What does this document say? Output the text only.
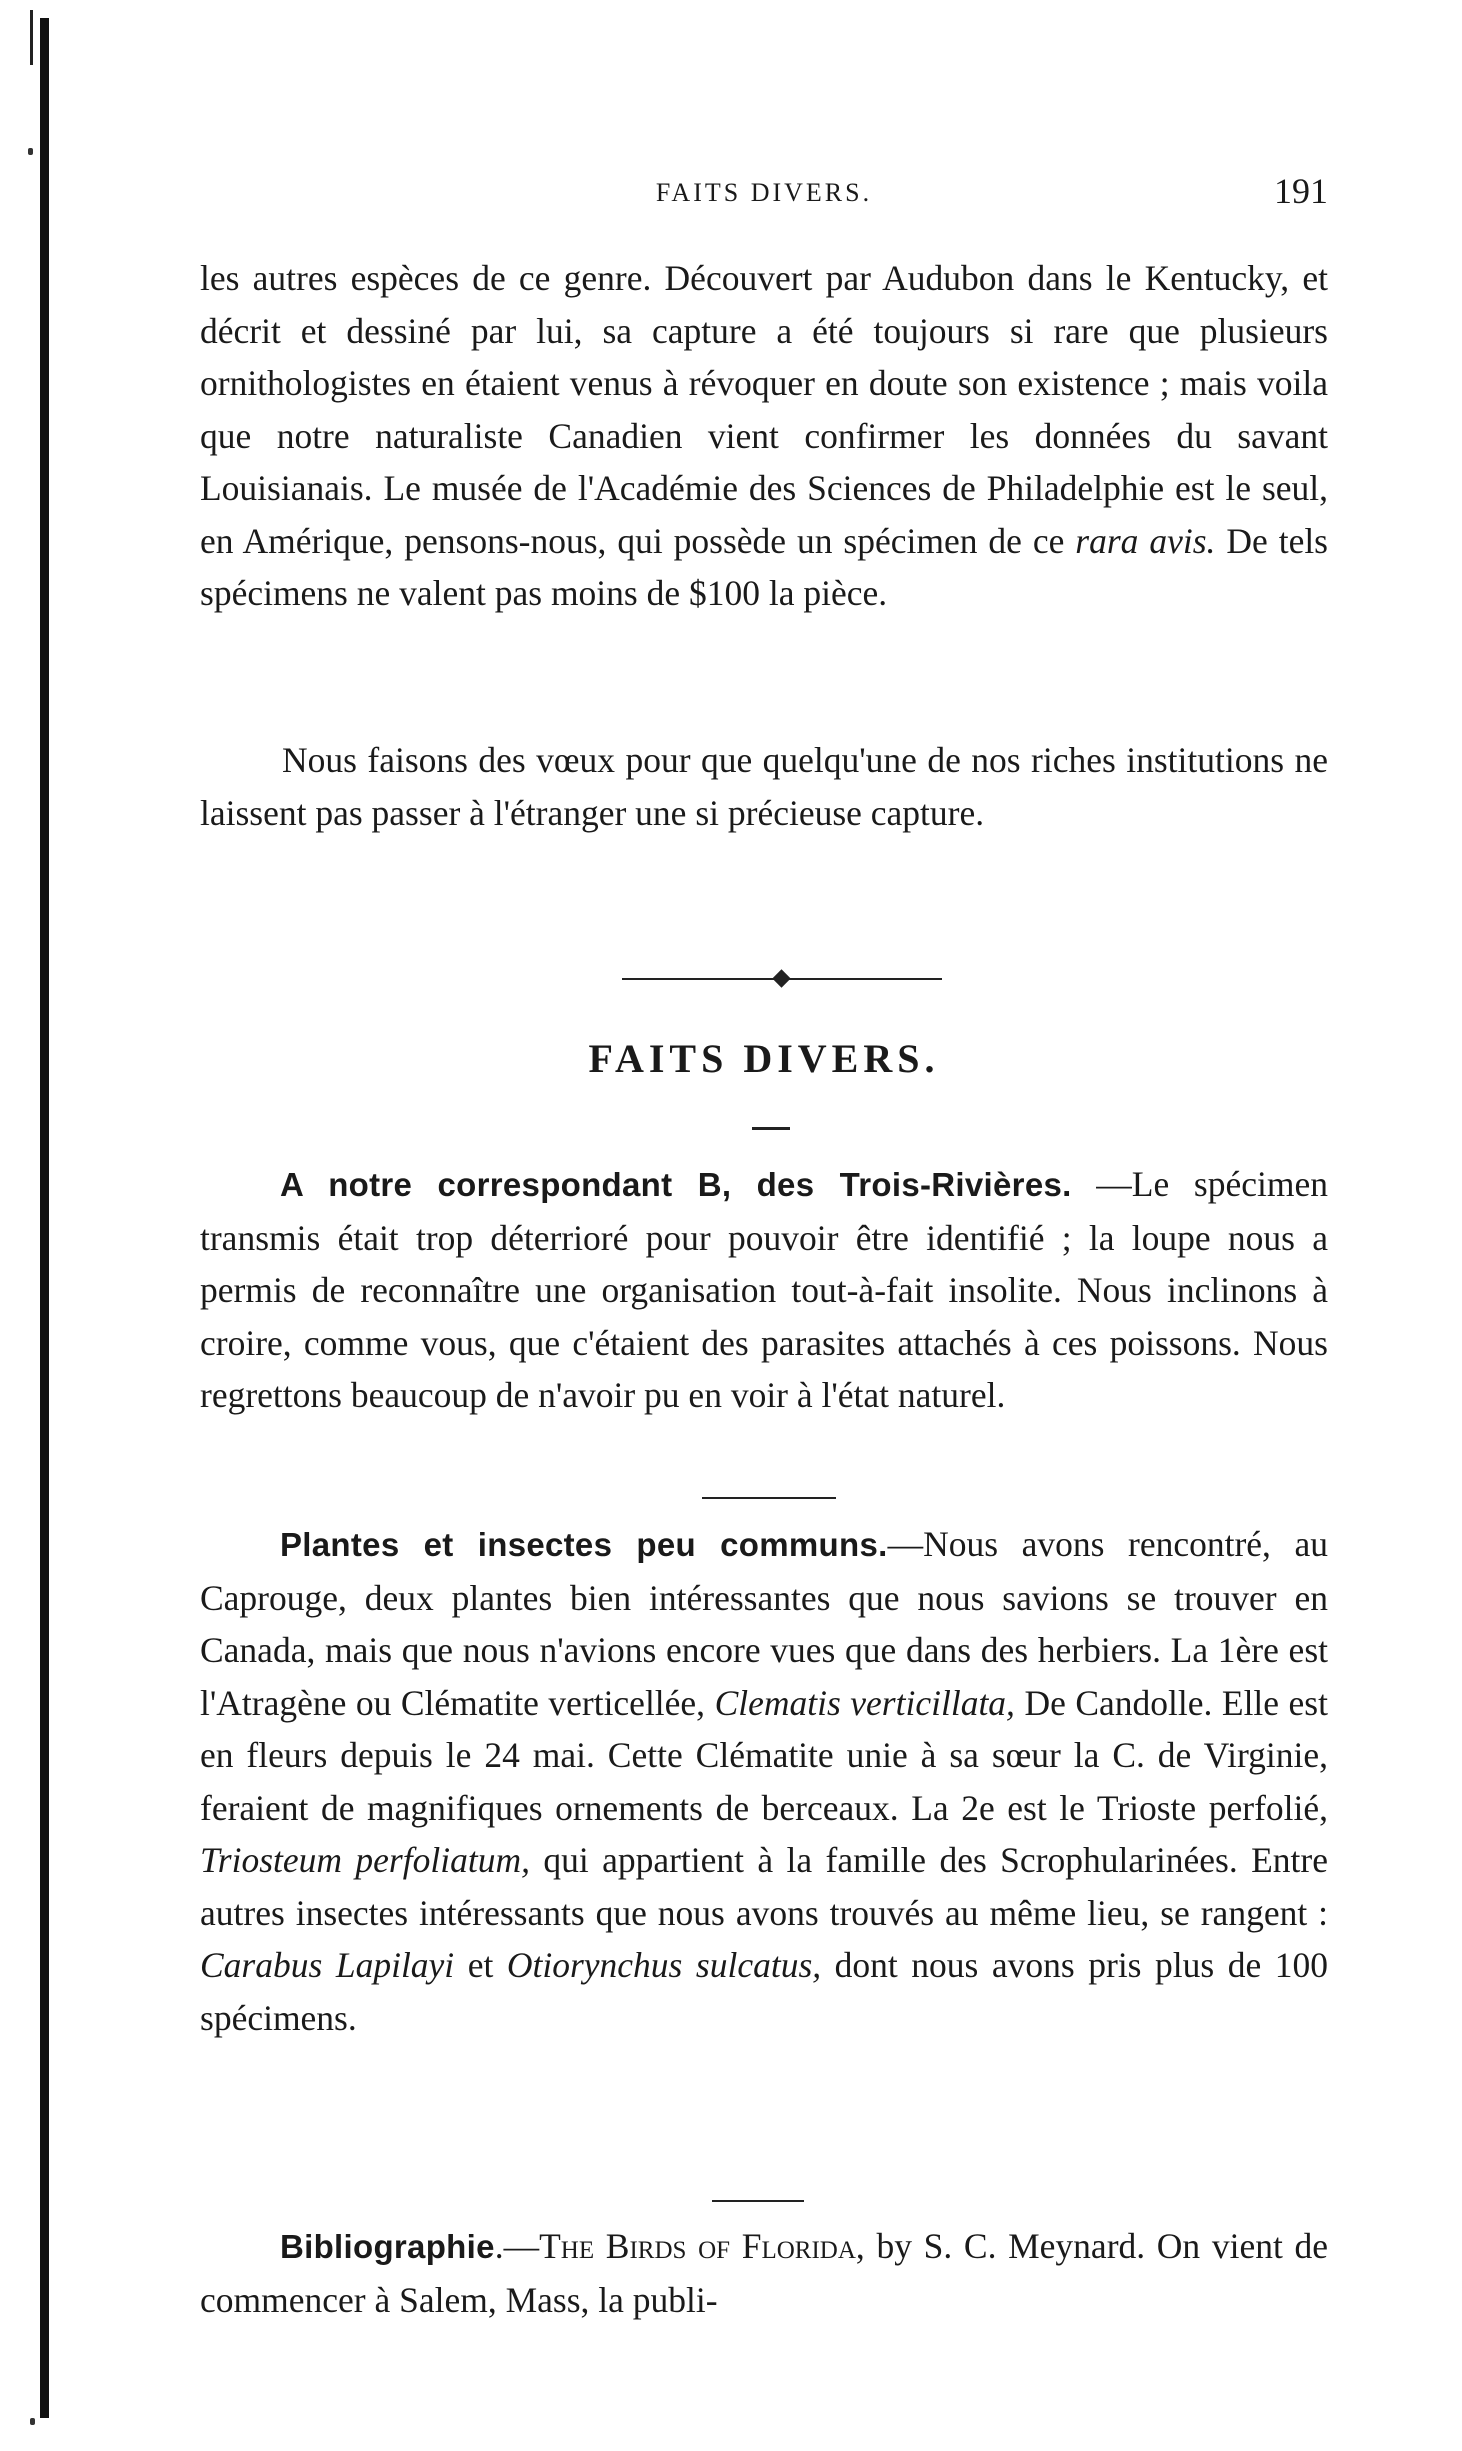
FAITS DIVERS.	191

les autres espèces de ce genre. Découvert par Audubon dans le Kentucky, et décrit et dessiné par lui, sa capture a été toujours si rare que plusieurs ornithologistes en étaient venus à révoquer en doute son existence ; mais voila que notre naturaliste Canadien vient confirmer les données du savant Louisianais. Le musée de l'Académie des Sciences de Philadelphie est le seul, en Amérique, pensons-nous, qui possède un spécimen de ce rara avis. De tels spécimens ne valent pas moins de $100 la pièce.

Nous faisons des vœux pour que quelqu'une de nos riches institutions ne laissent pas passer à l'étranger une si précieuse capture.

FAITS DIVERS.

A notre correspondant B, des Trois-Rivières. —Le spécimen transmis était trop déterrioré pour pouvoir être identifié ; la loupe nous a permis de reconnaître une organisation tout-à-fait insolite. Nous inclinons à croire, comme vous, que c'étaient des parasites attachés à ces poissons. Nous regrettons beaucoup de n'avoir pu en voir à l'état naturel.

Plantes et insectes peu communs.—Nous avons rencontré, au Caprouge, deux plantes bien intéressantes que nous savions se trouver en Canada, mais que nous n'avions encore vues que dans des herbiers. La 1ère est l'Atragène ou Clématite verticellée, Clematis verticillata, De Candolle. Elle est en fleurs depuis le 24 mai. Cette Clématite unie à sa sœur la C. de Virginie, feraient de magnifiques ornements de berceaux. La 2e est le Trioste perfolié, Triosteum perfoliatum, qui appartient à la famille des Scrophularinées. Entre autres insectes intéressants que nous avons trouvés au même lieu, se rangent : Carabus Lapilayi et Otiorynchus sulcatus, dont nous avons pris plus de 100 spécimens.

Bibliographie.—The Birds of Florida, by S. C. Meynard. On vient de commencer à Salem, Mass, la publi-
